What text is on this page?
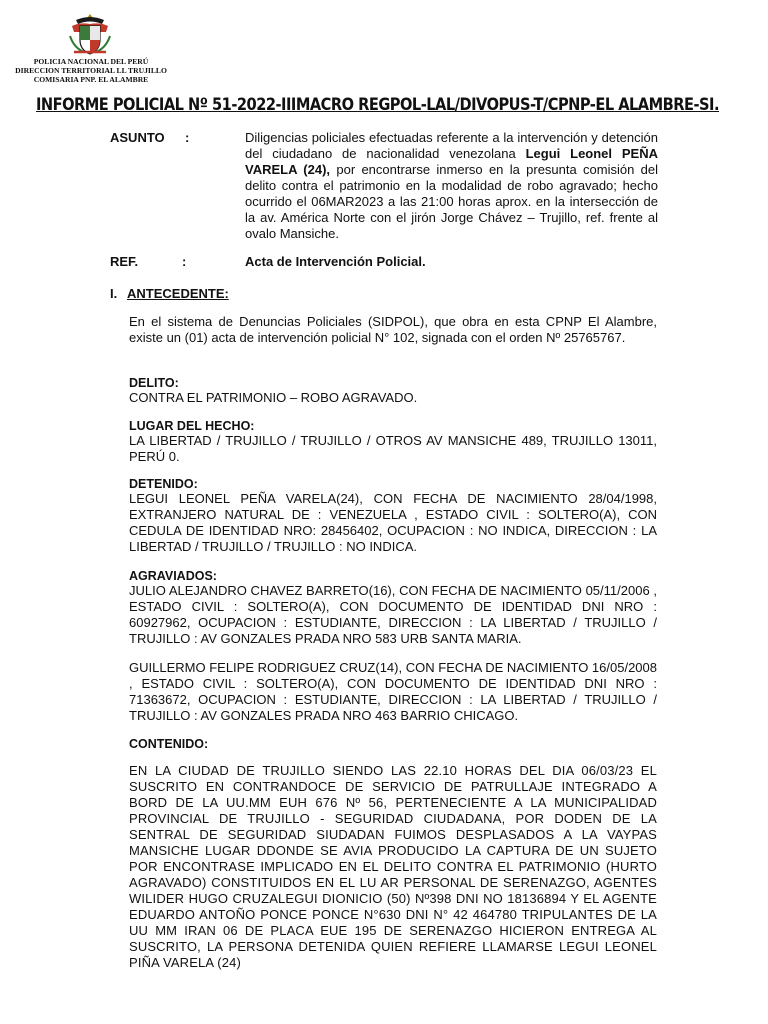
POLICIA NACIONAL DEL PERÚ
DIRECCION TERRITORIAL LL TRUJILLO
COMISARIA PNP. EL ALAMBRE
INFORME POLICIAL Nº 51-2022-IIIMACRO REGPOL-LAL/DIVOPUS-T/CPNP-EL ALAMBRE-SI.
ASUNTO :	Diligencias policiales efectuadas referente a la intervención y detención del ciudadano de nacionalidad venezolana Legui Leonel PEÑA VARELA (24), por encontrarse inmerso en la presunta comisión del delito contra el patrimonio en la modalidad de robo agravado; hecho ocurrido el 06MAR2023 a las 21:00 horas aprox. en la intersección de la av. América Norte con el jirón Jorge Chávez – Trujillo, ref. frente al ovalo Mansiche.
REF.	:	Acta de Intervención Policial.
I. ANTECEDENTE:
En el sistema de Denuncias Policiales (SIDPOL), que obra en esta CPNP El Alambre, existe un (01) acta de intervención policial N° 102, signada con el orden Nº 25765767.
DELITO:
CONTRA EL PATRIMONIO – ROBO AGRAVADO.
LUGAR DEL HECHO:
LA LIBERTAD / TRUJILLO / TRUJILLO / OTROS AV MANSICHE 489, TRUJILLO 13011, PERÚ 0.
DETENIDO:
LEGUI LEONEL PEÑA VARELA(24), CON FECHA DE NACIMIENTO 28/04/1998, EXTRANJERO NATURAL DE : VENEZUELA , ESTADO CIVIL : SOLTERO(A), CON CEDULA DE IDENTIDAD NRO: 28456402, OCUPACION : NO INDICA, DIRECCION : LA LIBERTAD / TRUJILLO / TRUJILLO : NO INDICA.
AGRAVIADOS:
JULIO ALEJANDRO CHAVEZ BARRETO(16), CON FECHA DE NACIMIENTO 05/11/2006 , ESTADO CIVIL : SOLTERO(A), CON DOCUMENTO DE IDENTIDAD DNI NRO : 60927962, OCUPACION : ESTUDIANTE, DIRECCION : LA LIBERTAD / TRUJILLO / TRUJILLO : AV GONZALES PRADA NRO 583 URB SANTA MARIA.
GUILLERMO FELIPE RODRIGUEZ CRUZ(14), CON FECHA DE NACIMIENTO 16/05/2008 , ESTADO CIVIL : SOLTERO(A), CON DOCUMENTO DE IDENTIDAD DNI NRO : 71363672, OCUPACION : ESTUDIANTE, DIRECCION : LA LIBERTAD / TRUJILLO / TRUJILLO : AV GONZALES PRADA NRO 463 BARRIO CHICAGO.
CONTENIDO:
EN LA CIUDAD DE TRUJILLO SIENDO LAS 22.10 HORAS DEL DIA 06/03/23 EL SUSCRITO EN CONTRANDOCE DE SERVICIO DE PATRULLAJE INTEGRADO A BORD DE LA UU.MM EUH 676 Nº 56, PERTENECIENTE A LA MUNICIPALIDAD PROVINCIAL DE TRUJILLO - SEGURIDAD CIUDADANA, POR DODEN DE LA SENTRAL DE SEGURIDAD SIUDADAN FUIMOS DESPLASADOS A LA VAYPAS MANSICHE LUGAR DDONDE SE AVIA PRODUCIDO LA CAPTURA DE UN SUJETO POR ENCONTRASE IMPLICADO EN EL DELITO CONTRA EL PATRIMONIO (HURTO AGRAVADO) CONSTITUIDOS EN EL LU AR PERSONAL DE SERENAZGO, AGENTES WILIDER HUGO CRUZALEGUI DIONICIO (50) Nº398 DNI NO 18136894 Y EL AGENTE EDUARDO ANTOÑO PONCE PONCE N°630 DNI N° 42 464780 TRIPULANTES DE LA UU MM IRAN 06 DE PLACA EUE 195 DE SERENAZGO HICIERON ENTREGA AL SUSCRITO, LA PERSONA DETENIDA QUIEN REFIERE LLAMARSE LEGUI LEONEL PIÑA VARELA (24)
